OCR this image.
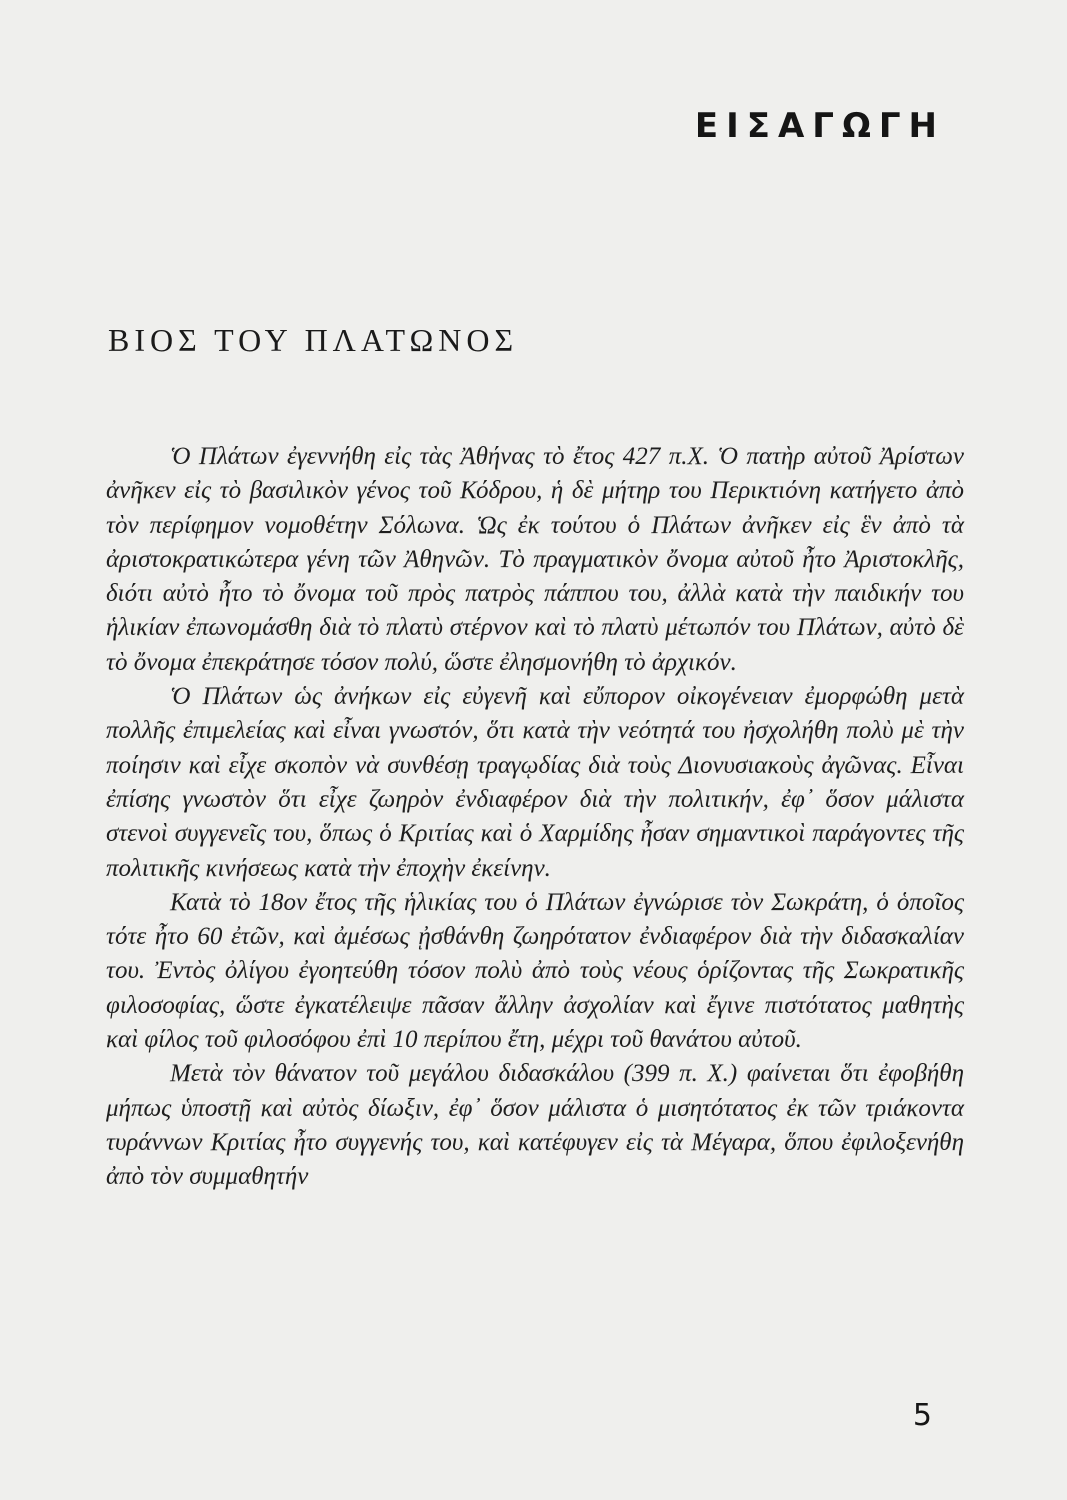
ΕΙΣΑΓΩΓΗ
ΒΙΟΣ ΤΟΥ ΠΛΑΤΩΝΟΣ

Ὁ Πλάτων ἐγεννήθη εἰς τὰς Ἀθήνας τὸ ἔτος 427 π.Χ. Ὁ πατὴρ αὐτοῦ Ἀρίστων ἀνῆκεν εἰς τὸ βασιλικὸν γένος τοῦ Κόδρου, ἡ δὲ μήτηρ του Περικτιόνη κατήγετο ἀπὸ τὸν περίφημον νομοθέτην Σόλωνα. Ὡς ἐκ τούτου ὁ Πλάτων ἀνῆκεν εἰς ἓν ἀπὸ τὰ ἀριστοκρατικώτερα γένη τῶν Ἀθηνῶν. Τὸ πραγματικὸν ὄνομα αὐτοῦ ἦτο Ἀριστοκλῆς, διότι αὐτὸ ἦτο τὸ ὄνομα τοῦ πρὸς πατρὸς πάππου του, ἀλλὰ κατὰ τὴν παιδικήν του ἡλικίαν ἐπωνομάσθη διὰ τὸ πλατὺ στέρνον καὶ τὸ πλατὺ μέτωπόν του Πλάτων, αὐτὸ δὲ τὸ ὄνομα ἐπεκράτησε τόσον πολύ, ὥστε ἐλησμονήθη τὸ ἀρχικόν.

Ὁ Πλάτων ὡς ἀνήκων εἰς εὐγενῆ καὶ εὔπορον οἰκογένειαν ἐμορφώθη μετὰ πολλῆς ἐπιμελείας καὶ εἶναι γνωστόν, ὅτι κατὰ τὴν νεότητά του ἠσχολήθη πολὺ μὲ τὴν ποίησιν καὶ εἶχε σκοπὸν νὰ συνθέσῃ τραγῳδίας διὰ τοὺς Διονυσιακοὺς ἀγῶνας. Εἶναι ἐπίσης γνωστὸν ὅτι εἶχε ζωηρὸν ἐνδιαφέρον διὰ τὴν πολιτικήν, ἐφ᾽ ὅσον μάλιστα στενοὶ συγγενεῖς του, ὅπως ὁ Κριτίας καὶ ὁ Χαρμίδης ἦσαν σημαντικοὶ παράγοντες τῆς πολιτικῆς κινήσεως κατὰ τὴν ἐποχὴν ἐκείνην.

Κατὰ τὸ 18ον ἔτος τῆς ἡλικίας του ὁ Πλάτων ἐγνώρισε τὸν Σωκράτη, ὁ ὁποῖος τότε ἦτο 60 ἐτῶν, καὶ ἀμέσως ᾐσθάνθη ζωηρότατον ἐνδιαφέρον διὰ τὴν διδασκαλίαν του. Ἐντὸς ὀλίγου ἐγοητεύθη τόσον πολὺ ἀπὸ τοὺς νέους ὁρίζοντας τῆς Σωκρατικῆς φιλοσοφίας, ὥστε ἐγκατέλειψε πᾶσαν ἄλλην ἀσχολίαν καὶ ἔγινε πιστότατος μαθητὴς καὶ φίλος τοῦ φιλοσόφου ἐπὶ 10 περίπου ἔτη, μέχρι τοῦ θανάτου αὐτοῦ.

Μετὰ τὸν θάνατον τοῦ μεγάλου διδασκάλου (399 π. Χ.) φαίνεται ὅτι ἐφοβήθη μήπως ὑποστῇ καὶ αὐτὸς δίωξιν, ἐφ᾽ ὅσον μάλιστα ὁ μισητότατος ἐκ τῶν τριάκοντα τυράννων Κριτίας ἦτο συγγενής του, καὶ κατέφυγεν εἰς τὰ Μέγαρα, ὅπου ἐφιλοξενήθη ἀπὸ τὸν συμμαθητήν

5
